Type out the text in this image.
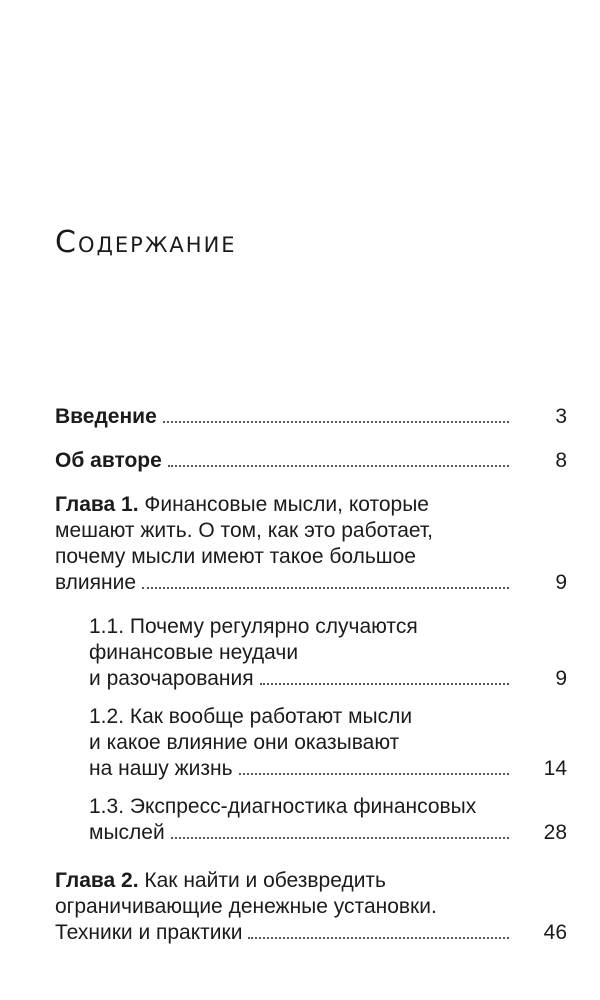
Содержание
Введение	3
Об авторе	8
Глава 1. Финансовые мысли, которые
мешают жить. О том, как это работает,
почему мысли имеют такое большое
влияние	9
1.1. Почему регулярно случаются
финансовые неудачи
и разочарования	9
1.2. Как вообще работают мысли
и какое влияние они оказывают
на нашу жизнь	14
1.3. Экспресс-диагностика финансовых
мыслей	28
Глава 2. Как найти и обезвредить
ограничивающие денежные установки.
Техники и практики	46
